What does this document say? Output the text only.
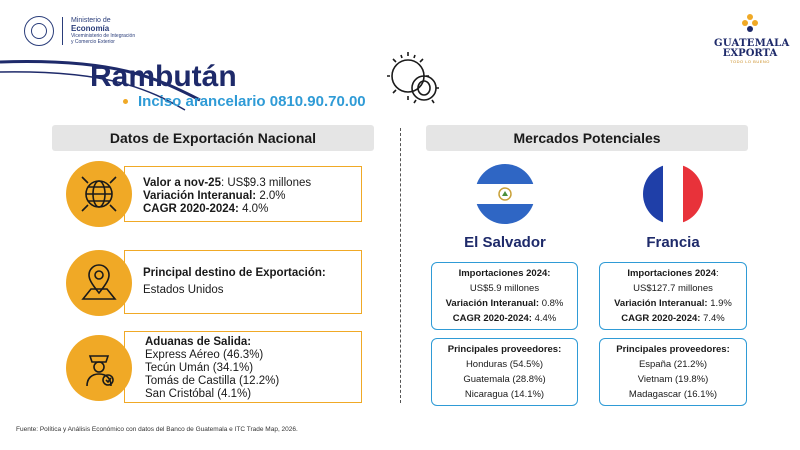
Ministerio de
Economía
Viceministerio de Integración
y Comercio Exterior	GUATEMALA
EXPORTA
TODO LO BUENO
Rambután
Inciso arancelario 0810.90.70.00
Datos de Exportación Nacional
Valor a nov-25: US$9.3 millones
Variación Interanual: 2.0%
CAGR 2020-2024: 4.0%
Principal destino de Exportación:
Estados Unidos
Aduanas de Salida:
Express Aéreo (46.3%)
Tecún Umán (34.1%)
Tomás de Castilla (12.2%)
San Cristóbal (4.1%)
Mercados Potenciales
El Salvador
Importaciones 2024:
US$5.9 millones
Variación Interanual: 0.8%
CAGR 2020-2024: 4.4%
Principales proveedores:
Honduras (54.5%)
Guatemala (28.8%)
Nicaragua (14.1%)
Francia
Importaciones 2024:
US$127.7 millones
Variación Interanual: 1.9%
CAGR 2020-2024: 7.4%
Principales proveedores:
España (21.2%)
Vietnam (19.8%)
Madagascar (16.1%)
Fuente: Política y Análisis Económico con datos del Banco de Guatemala e ITC Trade Map, 2026.
